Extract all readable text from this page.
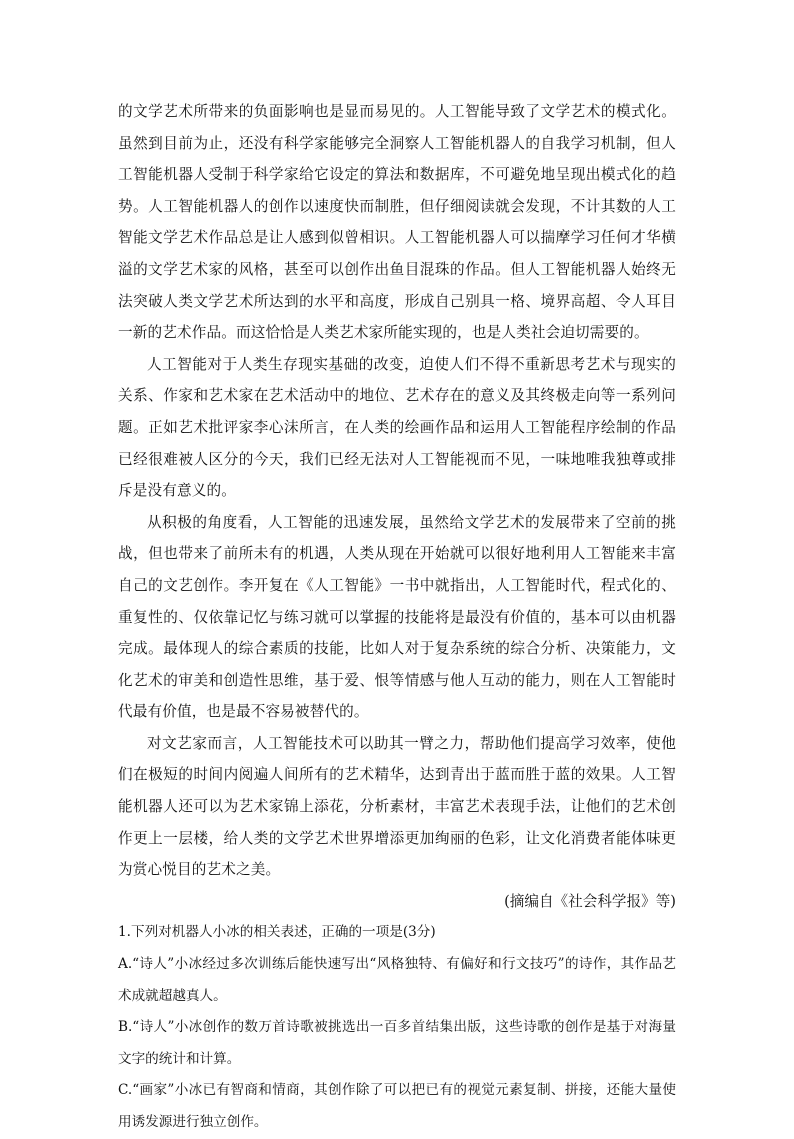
的文学艺术所带来的负面影响也是显而易见的。人工智能导致了文学艺术的模式化。虽然到目前为止，还没有科学家能够完全洞察人工智能机器人的自我学习机制，但人工智能机器人受制于科学家给它设定的算法和数据库，不可避免地呈现出模式化的趋势。人工智能机器人的创作以速度快而制胜，但仔细阅读就会发现，不计其数的人工智能文学艺术作品总是让人感到似曾相识。人工智能机器人可以揣摩学习任何才华横溢的文学艺术家的风格，甚至可以创作出鱼目混珠的作品。但人工智能机器人始终无法突破人类文学艺术所达到的水平和高度，形成自己别具一格、境界高超、令人耳目一新的艺术作品。而这恰恰是人类艺术家所能实现的，也是人类社会迫切需要的。

人工智能对于人类生存现实基础的改变，迫使人们不得不重新思考艺术与现实的关系、作家和艺术家在艺术活动中的地位、艺术存在的意义及其终极走向等一系列问题。正如艺术批评家李心沫所言，在人类的绘画作品和运用人工智能程序绘制的作品已经很难被人区分的今天，我们已经无法对人工智能视而不见，一味地唯我独尊或排斥是没有意义的。

从积极的角度看，人工智能的迅速发展，虽然给文学艺术的发展带来了空前的挑战，但也带来了前所未有的机遇，人类从现在开始就可以很好地利用人工智能来丰富自己的文艺创作。李开复在《人工智能》一书中就指出，人工智能时代，程式化的、重复性的、仅依靠记忆与练习就可以掌握的技能将是最没有价值的，基本可以由机器完成。最体现人的综合素质的技能，比如人对于复杂系统的综合分析、决策能力，文化艺术的审美和创造性思维，基于爱、恨等情感与他人互动的能力，则在人工智能时代最有价值，也是最不容易被替代的。

对文艺家而言，人工智能技术可以助其一臂之力，帮助他们提高学习效率，使他们在极短的时间内阅遍人间所有的艺术精华，达到青出于蓝而胜于蓝的效果。人工智能机器人还可以为艺术家锦上添花，分析素材，丰富艺术表现手法，让他们的艺术创作更上一层楼，给人类的文学艺术世界增添更加绚丽的色彩，让文化消费者能体味更为赏心悦目的艺术之美。

(摘编自《社会科学报》等)

1.下列对机器人小冰的相关表述，正确的一项是(3分)

A.“诗人”小冰经过多次训练后能快速写出“风格独特、有偏好和行文技巧”的诗作，其作品艺术成就超越真人。

B.“诗人”小冰创作的数万首诗歌被挑选出一百多首结集出版，这些诗歌的创作是基于对海量文字的统计和计算。

C.“画家”小冰已有智商和情商，其创作除了可以把已有的视觉元素复制、拼接，还能大量使用诱发源进行独立创作。
